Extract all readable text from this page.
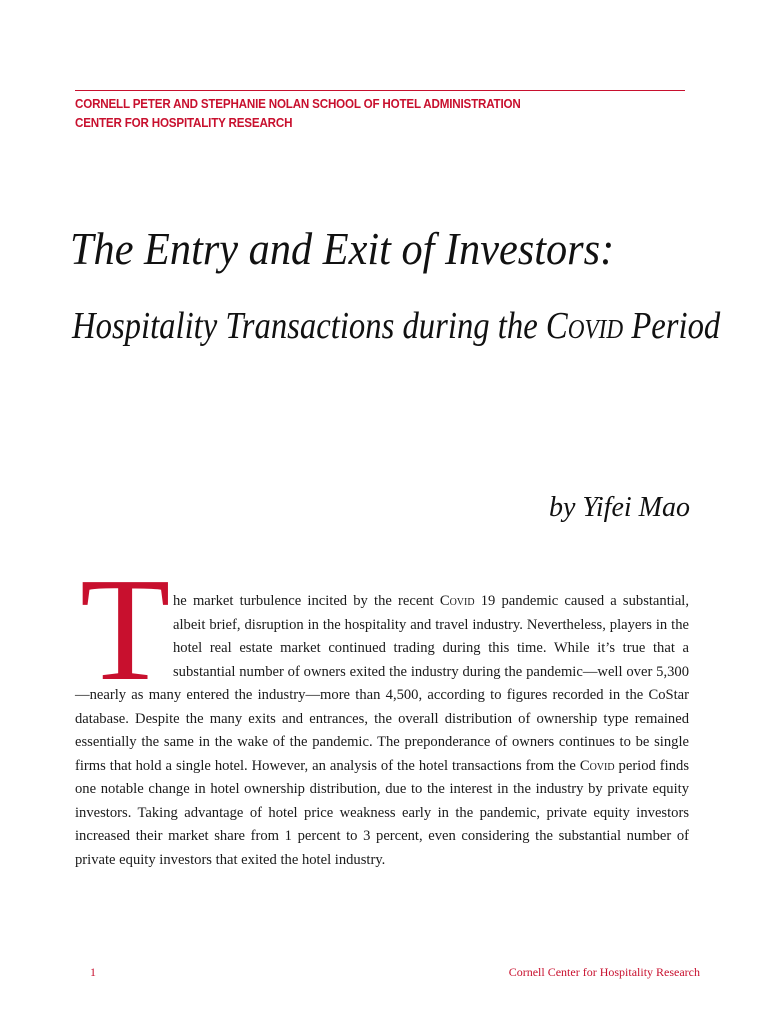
CORNELL PETER AND STEPHANIE NOLAN SCHOOL OF HOTEL ADMINISTRATION
CENTER FOR HOSPITALITY RESEARCH
The Entry and Exit of Investors:
Hospitality Transactions during the Covid Period
by Yifei Mao
T he market turbulence incited by the recent Covid 19 pandemic caused a substantial, albeit brief, disruption in the hospitality and travel industry. Nevertheless, players in the hotel real estate market continued trading during this time. While it’s true that a substantial number of owners exited the industry during the pandemic—well over 5,300—nearly as many entered the industry—more than 4,500, according to figures recorded in the CoStar database. Despite the many exits and entrances, the overall distribution of ownership type remained essentially the same in the wake of the pandemic. The preponderance of owners continues to be single firms that hold a single hotel. However, an analysis of the hotel transactions from the Covid period finds one notable change in hotel ownership distribution, due to the interest in the industry by private equity investors. Taking advantage of hotel price weakness early in the pandemic, private equity investors increased their market share from 1 percent to 3 percent, even considering the substantial number of private equity investors that exited the hotel industry.
1	Cornell Center for Hospitality Research
